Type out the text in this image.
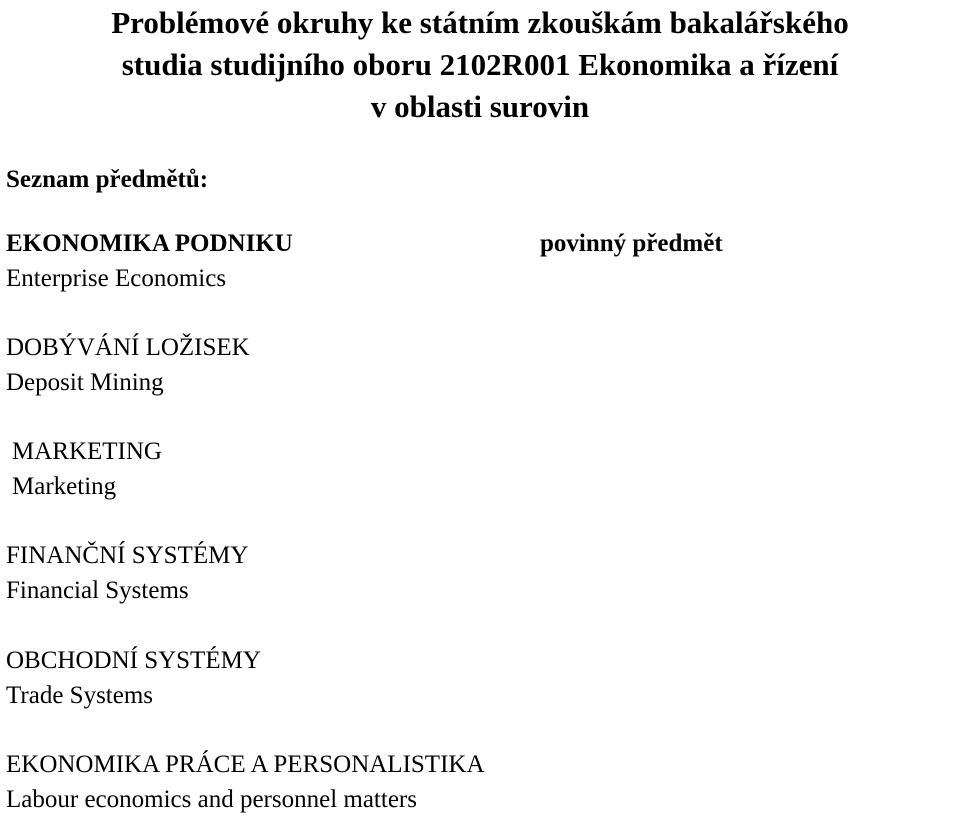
Problémové okruhy ke státním zkouškám bakalářského
studia studijního oboru 2102R001 Ekonomika a řízení
v oblasti surovin
Seznam předmětů:
EKONOMIKA PODNIKU
Enterprise Economics
povinný předmět
DOBÝVÁNÍ LOŽISEK
Deposit Mining
MARKETING
Marketing
FINANČNÍ SYSTÉMY
Financial Systems
OBCHODNÍ SYSTÉMY
Trade Systems
EKONOMIKA PRÁCE A PERSONALISTIKA
Labour economics and personnel matters
